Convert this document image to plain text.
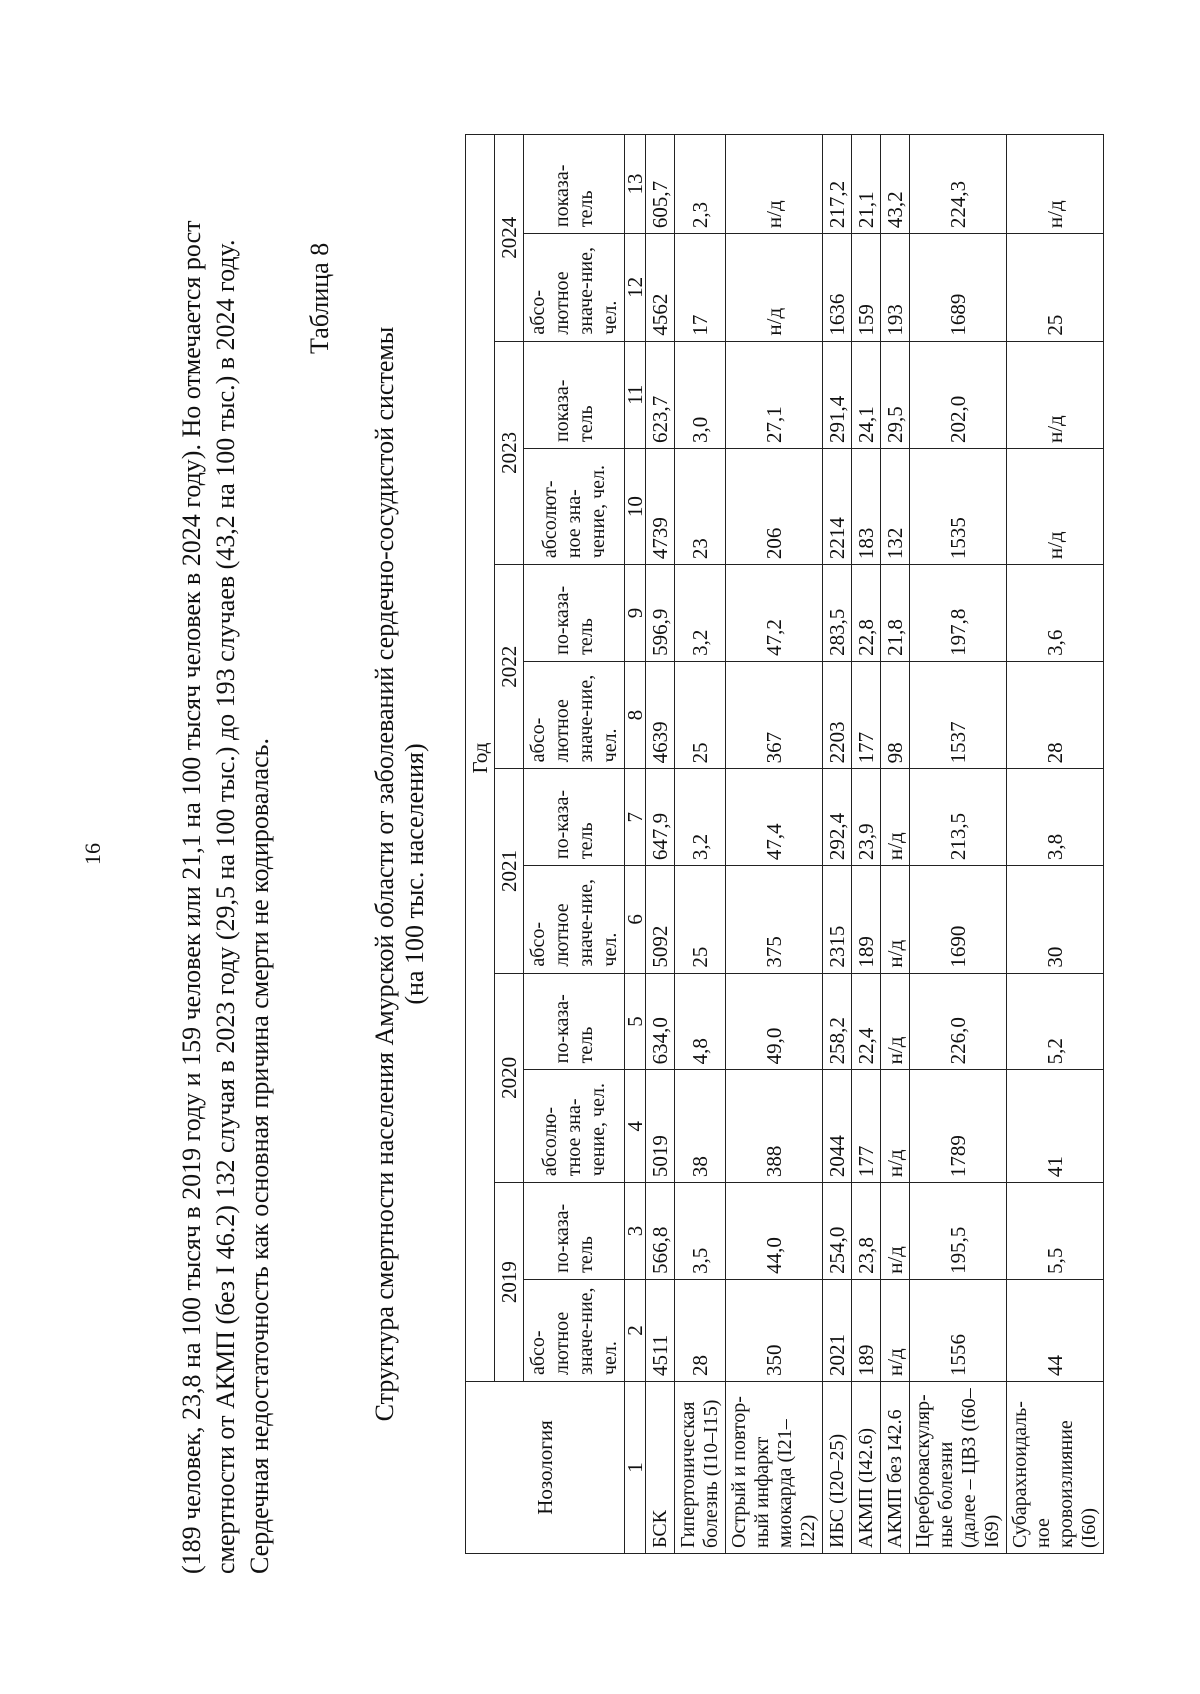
16	(189 человек, 23,8 на 100 тысяч в 2019 году и 159 человек или 21,1 на 100 тысяч человек в 2024 году). Но отмечается рост смертности от АКМП (без I 46.2) 132 случая в 2023 году (29,5 на 100 тыс.) до 193 случаев (43,2 на 100 тыс.) в 2024 году. Сердечная недостаточность как основная причина смерти не кодировалась.

Таблица 8
Структура смертности населения Амурской области от заболеваний сердечно-сосудистой системы (на 100 тыс. населения)
Нозология	Год											
	2019		2020		2021		2022		2023		2024	
	абсо-лютное значе-ние, чел.	по-каза-тель	абсолю-тное зна-чение, чел.	по-каза-тель	абсо-лютное значе-ние, чел.	по-каза-тель	абсо-лютное значе-ние, чел.	по-каза-тель	абсолют-ное зна-чение, чел.	показа-тель	абсо-лютное значе-ние, чел.	показа-тель
1	2	3	4	5	6	7	8	9	10	11	12	13
БСК	4511	566,8	5019	634,0	5092	647,9	4639	596,9	4739	623,7	4562	605,7
Гипертоническая болезнь (I10–I15)	28	3,5	38	4,8	25	3,2	25	3,2	23	3,0	17	2,3
Острый и повтор-ный инфаркт миокарда (I21–I22)	350	44,0	388	49,0	375	47,4	367	47,2	206	27,1	н/д	н/д
ИБС (I20–25)	2021	254,0	2044	258,2	2315	292,4	2203	283,5	2214	291,4	1636	217,2
АКМП (I42.6)	189	23,8	177	22,4	189	23,9	177	22,8	183	24,1	159	21,1
АКМП без I42.6	н/д	н/д	н/д	н/д	н/д	н/д	98	21,8	132	29,5	193	43,2
Цереброваскуляр-ные болезни (далее – ЦВЗ (I60–I69)	1556	195,5	1789	226,0	1690	213,5	1537	197,8	1535	202,0	1689	224,3
Субарахноидаль-ное кровоизлияние (I60)	44	5,5	41	5,2	30	3,8	28	3,6	н/д	н/д	25	н/д
